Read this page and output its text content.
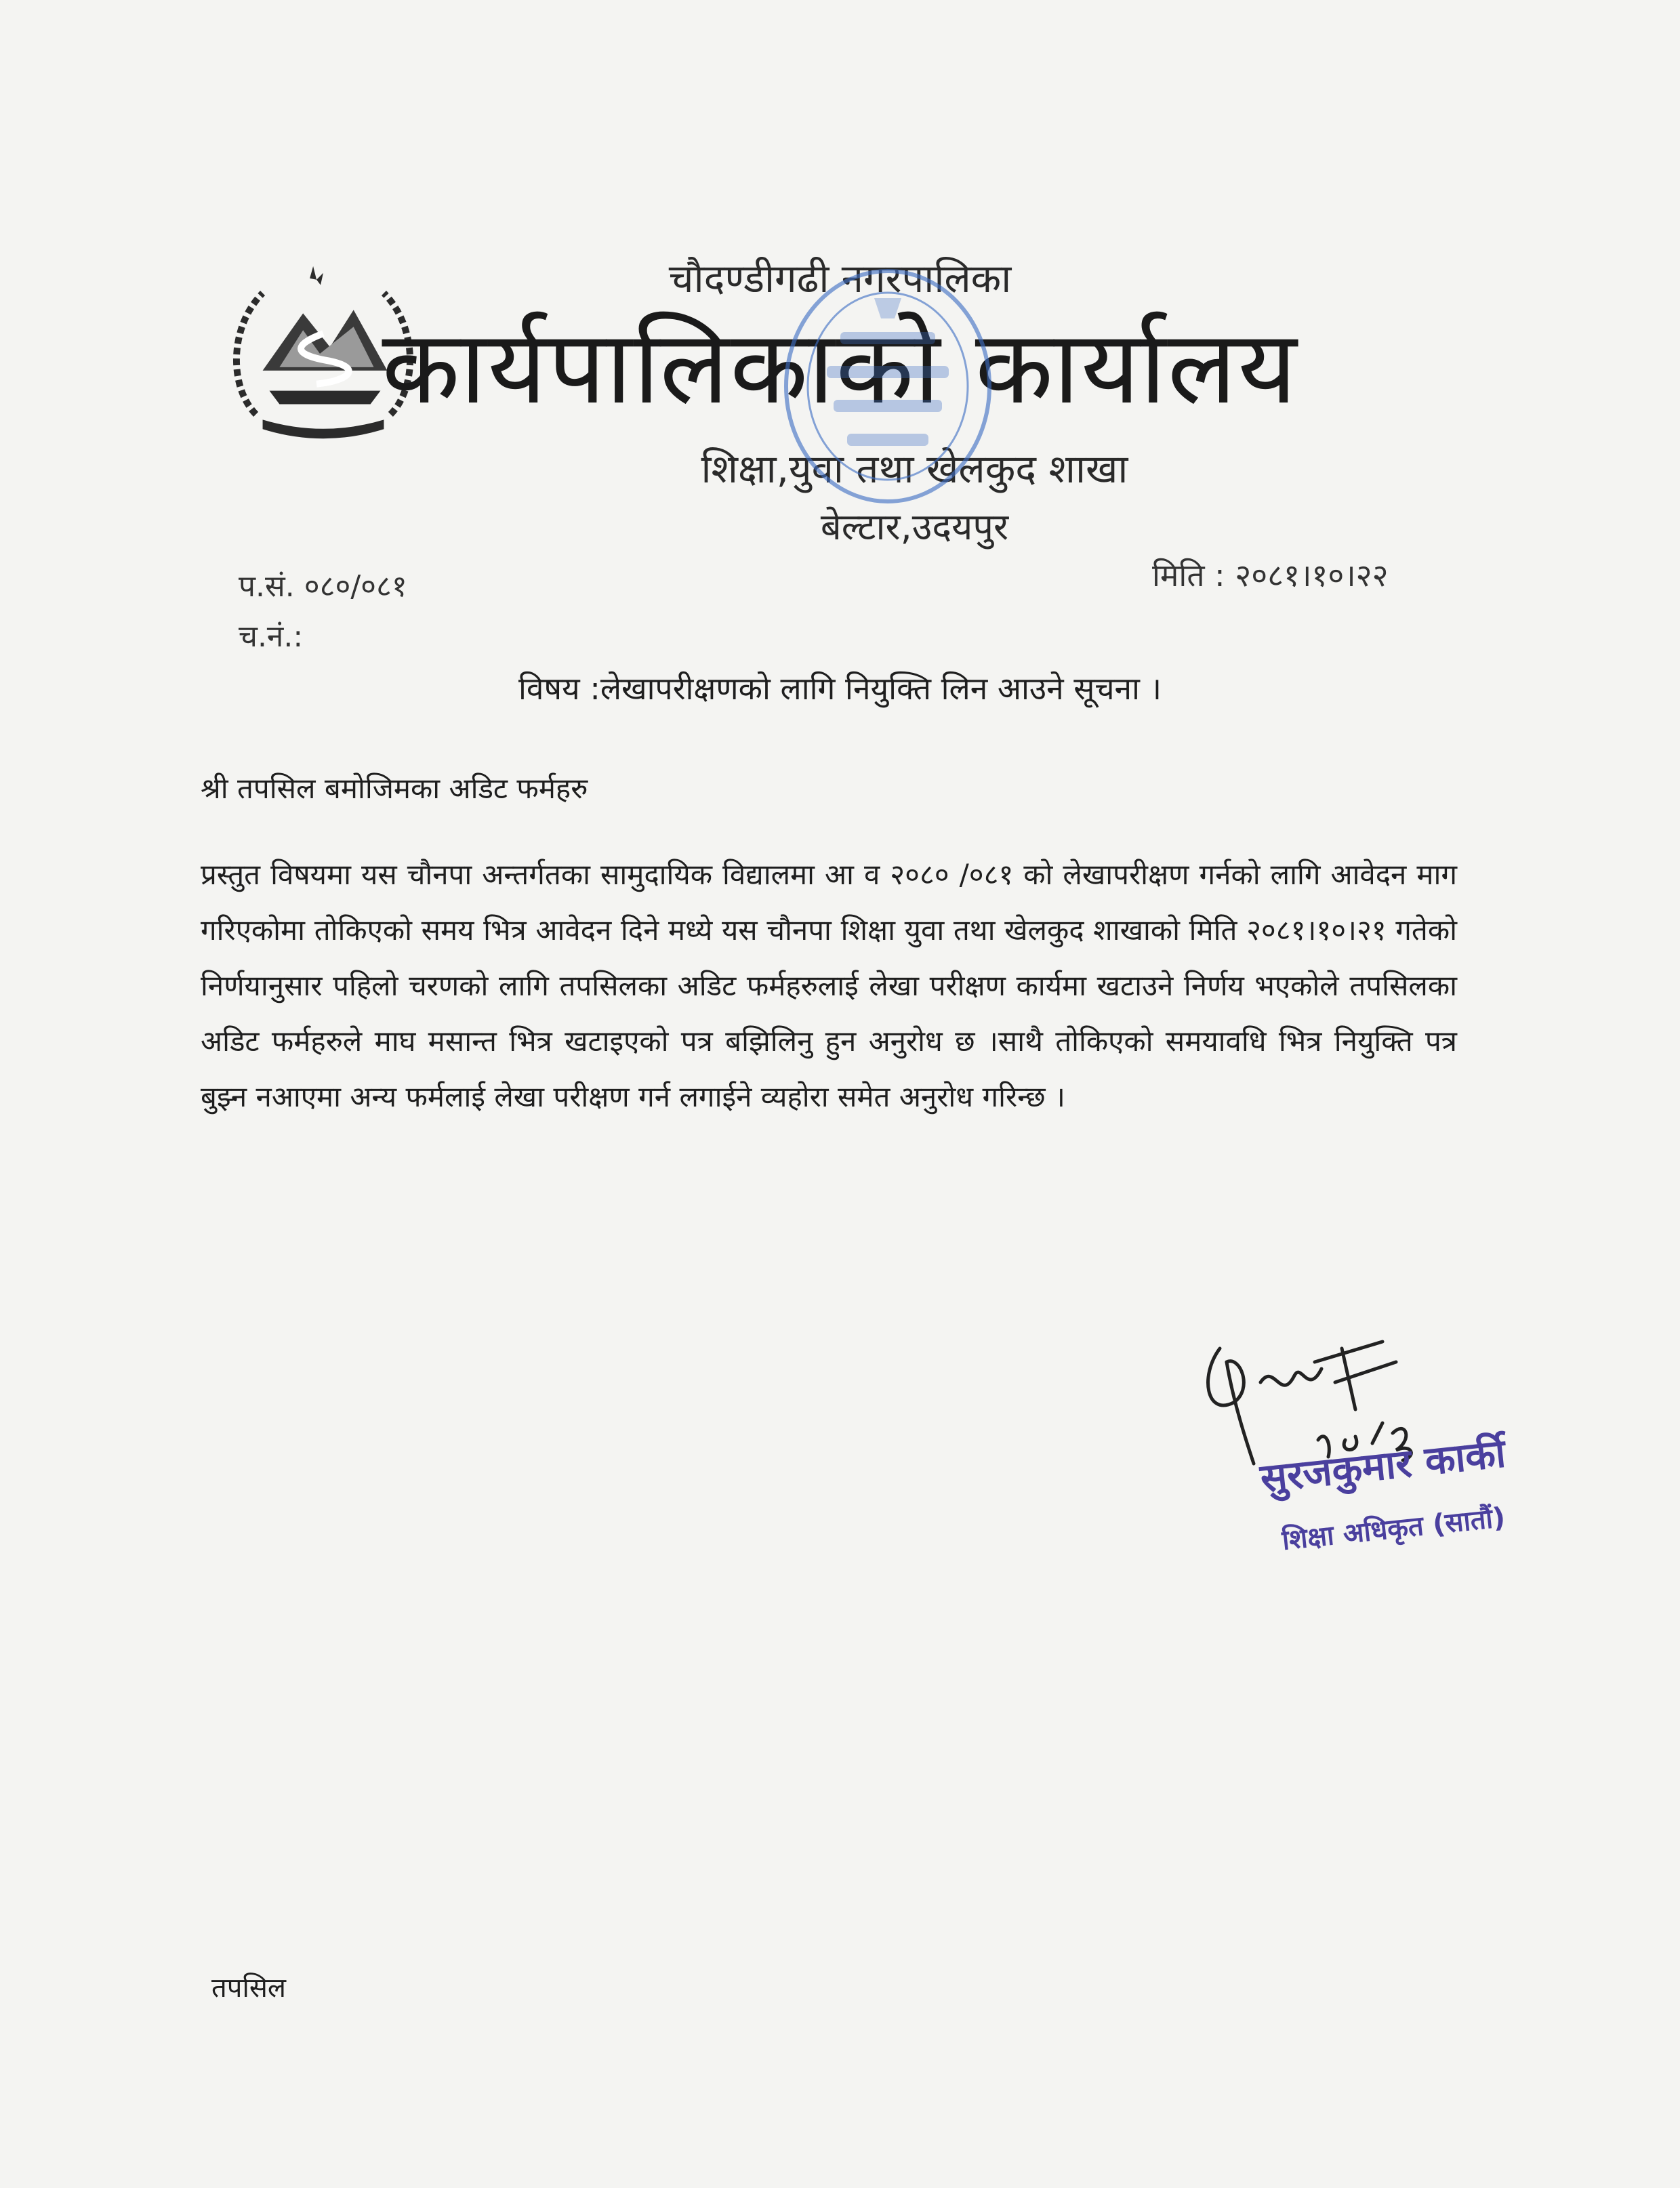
चौदण्डीगढी नगरपालिका
कार्यपालिकाको कार्यालय
शिक्षा,युवा तथा खेलकुद शाखा
बेल्टार,उदयपुर
प.सं. ०८०/०८१
च.नं.:
मिति : २०८१।१०।२२
विषय :लेखापरीक्षणको लागि नियुक्ति लिन आउने सूचना ।
श्री तपसिल बमोजिमका अडिट फर्महरु
प्रस्तुत विषयमा यस चौनपा अन्तर्गतका सामुदायिक विद्यालमा आ व २०८० /०८१ को लेखापरीक्षण गर्नको लागि आवेदन माग गरिएकोमा तोकिएको समय भित्र आवेदन दिने मध्ये यस चौनपा शिक्षा युवा तथा खेलकुद शाखाको मिति २०८१।१०।२१ गतेको निर्णयानुसार पहिलो चरणको लागि तपसिलका अडिट फर्महरुलाई लेखा परीक्षण कार्यमा खटाउने निर्णय भएकोले तपसिलका अडिट फर्महरुले माघ मसान्त भित्र खटाइएको पत्र बझिलिनु हुन अनुरोध छ ।साथै तोकिएको समयावधि भित्र नियुक्ति पत्र बुझ्न नआएमा अन्य फर्मलाई लेखा परीक्षण गर्न लगाईने व्यहोरा समेत अनुरोध गरिन्छ ।
सुरजकुमार कार्की
शिक्षा अधिकृत (सातौं)
तपसिल
